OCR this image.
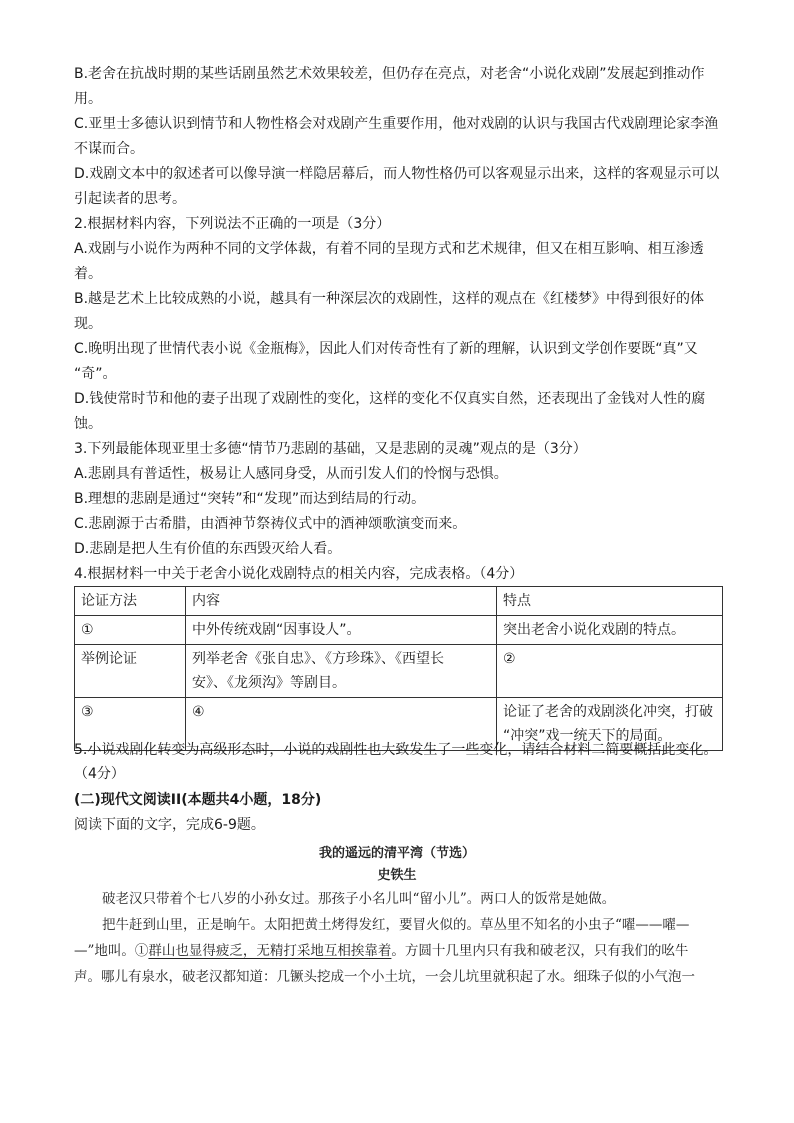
B.老舍在抗战时期的某些话剧虽然艺术效果较差，但仍存在亮点，对老舍“小说化戏剧”发展起到推动作
用。
C.亚里士多德认识到情节和人物性格会对戏剧产生重要作用，他对戏剧的认识与我国古代戏剧理论家李渔
不谋而合。
D.戏剧文本中的叙述者可以像导演一样隐居幕后，而人物性格仍可以客观显示出来，这样的客观显示可以
引起读者的思考。
2.根据材料内容，下列说法不正确的一项是（3分）
A.戏剧与小说作为两种不同的文学体裁，有着不同的呈现方式和艺术规律，但又在相互影响、相互渗透
着。
B.越是艺术上比较成熟的小说，越具有一种深层次的戏剧性，这样的观点在《红楼梦》中得到很好的体
现。
C.晚明出现了世情代表小说《金瓶梅》，因此人们对传奇性有了新的理解，认识到文学创作要既“真”又
“奇”。
D.钱使常时节和他的妻子出现了戏剧性的变化，这样的变化不仅真实自然，还表现出了金钱对人性的腐
蚀。
3.下列最能体现亚里士多德“情节乃悲剧的基础，又是悲剧的灵魂”观点的是（3分）
A.悲剧具有普适性，极易让人感同身受，从而引发人们的怜悯与恐惧。
B.理想的悲剧是通过“突转”和“发现”而达到结局的行动。
C.悲剧源于古希腊，由酒神节祭祷仪式中的酒神颂歌演变而来。
D.悲剧是把人生有价值的东西毁灭给人看。
4.根据材料一中关于老舍小说化戏剧特点的相关内容，完成表格。（4分）
论证方法	内容	特点
①	中外传统戏剧“因事设人”。	突出老舍小说化戏剧的特点。
举例论证	列举老舍《张自忠》、《方珍珠》、《西望长
安》、《龙须沟》等剧目。	②
③	④	论证了老舍的戏剧淡化冲突，打破
“冲突”戏一统天下的局面。
5.小说戏剧化转变为高级形态时，小说的戏剧性也大致发生了一些变化，请结合材料二简要概括此变化。
（4分）
(二)现代文阅读II(本题共4小题，18分)
阅读下面的文字，完成6-9题。
我的遥远的清平湾（节选）
史铁生
破老汉只带着个七八岁的小孙女过。那孩子小名儿叫“留小儿”。两口人的饭常是她做。
把牛赶到山里，正是晌午。太阳把黄土烤得发红，要冒火似的。草丛里不知名的小虫子“嚁——嚁—
—”地叫。①群山也显得疲乏，无精打采地互相挨靠着。方圆十几里内只有我和破老汉，只有我们的吆牛
声。哪儿有泉水，破老汉都知道：几镢头挖成一个小土坑，一会儿坑里就积起了水。细珠子似的小气泡一
